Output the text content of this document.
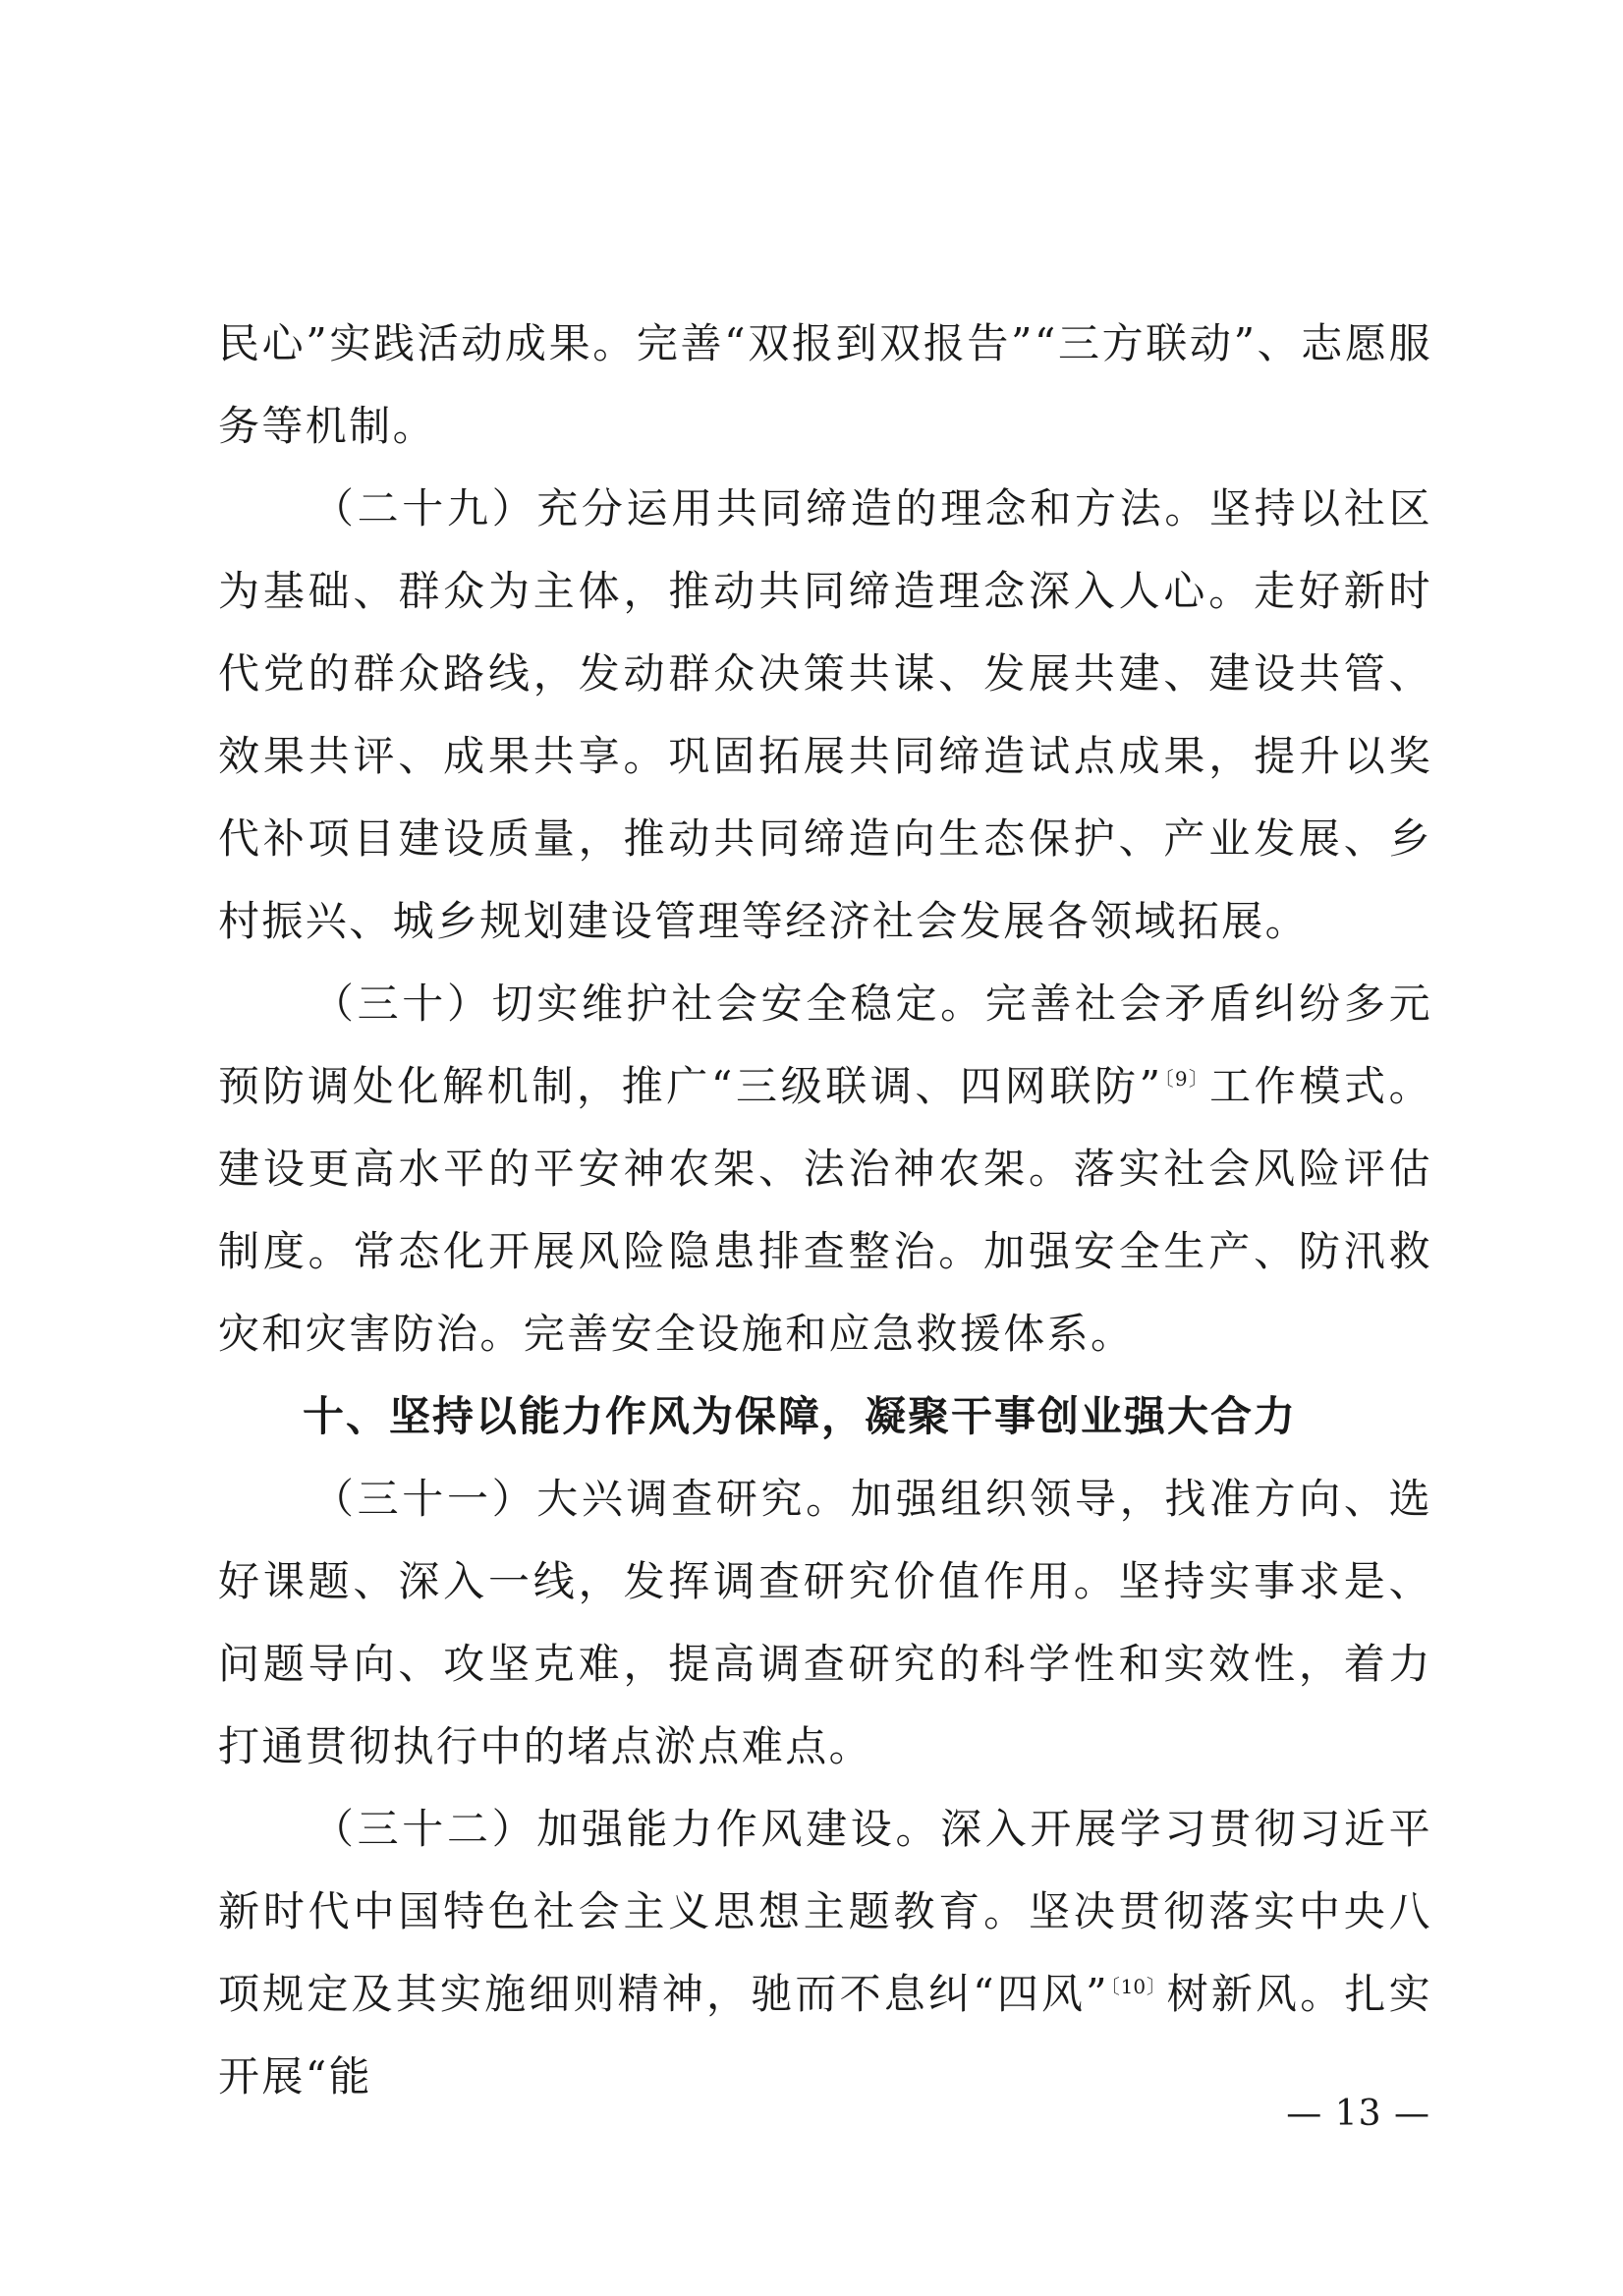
民心”实践活动成果。完善“双报到双报告”“三方联动”、志愿服务等机制。

（二十九）充分运用共同缔造的理念和方法。坚持以社区为基础、群众为主体，推动共同缔造理念深入人心。走好新时代党的群众路线，发动群众决策共谋、发展共建、建设共管、效果共评、成果共享。巩固拓展共同缔造试点成果，提升以奖代补项目建设质量，推动共同缔造向生态保护、产业发展、乡村振兴、城乡规划建设管理等经济社会发展各领域拓展。

（三十）切实维护社会安全稳定。完善社会矛盾纠纷多元预防调处化解机制，推广“三级联调、四网联防”$^{〔9〕}$工作模式。建设更高水平的平安神农架、法治神农架。落实社会风险评估制度。常态化开展风险隐患排查整治。加强安全生产、防汛救灾和灾害防治。完善安全设施和应急救援体系。

十、坚持以能力作风为保障，凝聚干事创业强大合力

（三十一）大兴调查研究。加强组织领导，找准方向、选好课题、深入一线，发挥调查研究价值作用。坚持实事求是、问题导向、攻坚克难，提高调查研究的科学性和实效性，着力打通贯彻执行中的堵点淤点难点。

（三十二）加强能力作风建设。深入开展学习贯彻习近平新时代中国特色社会主义思想主题教育。坚决贯彻落实中央八项规定及其实施细则精神，驰而不息纠“四风”$^{〔10〕}$树新风。扎实开展“能

— 13 —
